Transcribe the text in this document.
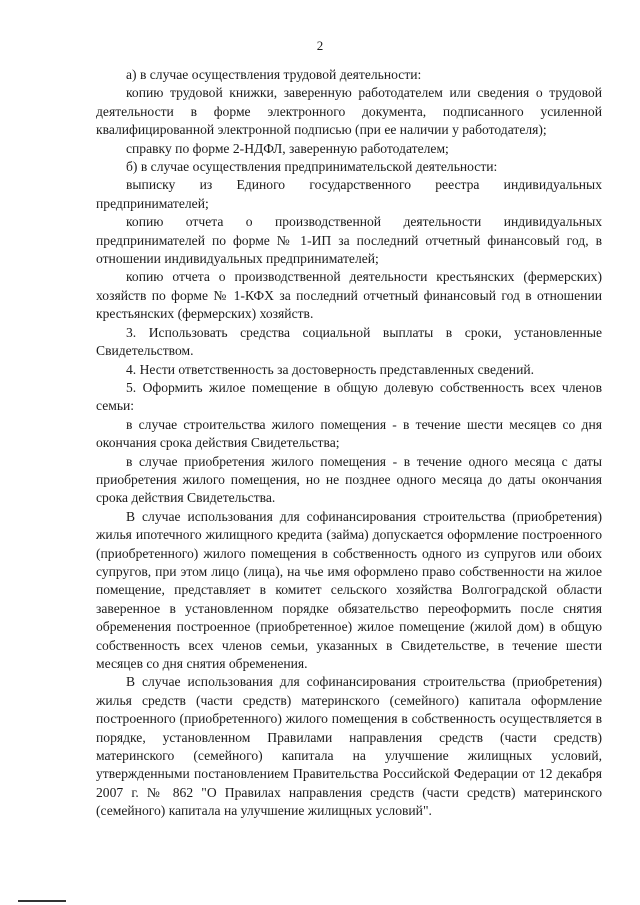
2

а) в случае осуществления трудовой деятельности:

копию трудовой книжки, заверенную работодателем или сведения о трудовой деятельности в форме электронного документа, подписанного усиленной квалифицированной электронной подписью (при ее наличии у работодателя);

справку по форме 2-НДФЛ, заверенную работодателем;

б) в случае осуществления предпринимательской деятельности:

выписку из Единого государственного реестра индивидуальных предпринимателей;

копию отчета о производственной деятельности индивидуальных предпринимателей по форме № 1-ИП за последний отчетный финансовый год, в отношении индивидуальных предпринимателей;

копию отчета о производственной деятельности крестьянских (фермерских) хозяйств по форме № 1-КФХ за последний отчетный финансовый год в отношении крестьянских (фермерских) хозяйств.

3. Использовать средства социальной выплаты в сроки, установленные Свидетельством.

4. Нести ответственность за достоверность представленных сведений.

5. Оформить жилое помещение в общую долевую собственность всех членов семьи:

в случае строительства жилого помещения - в течение шести месяцев со дня окончания срока действия Свидетельства;

в случае приобретения жилого помещения - в течение одного месяца с даты приобретения жилого помещения, но не позднее одного месяца до даты окончания срока действия Свидетельства.

В случае использования для софинансирования строительства (приобретения) жилья ипотечного жилищного кредита (займа) допускается оформление построенного (приобретенного) жилого помещения в собственность одного из супругов или обоих супругов, при этом лицо (лица), на чье имя оформлено право собственности на жилое помещение, представляет в комитет сельского хозяйства Волгоградской области заверенное в установленном порядке обязательство переоформить после снятия обременения построенное (приобретенное) жилое помещение (жилой дом) в общую собственность всех членов семьи, указанных в Свидетельстве, в течение шести месяцев со дня снятия обременения.

В случае использования для софинансирования строительства (приобретения) жилья средств (части средств) материнского (семейного) капитала оформление построенного (приобретенного) жилого помещения в собственность осуществляется в порядке, установленном Правилами направления средств (части средств) материнского (семейного) капитала на улучшение жилищных условий, утвержденными постановлением Правительства Российской Федерации от 12 декабря 2007 г. № 862 "О Правилах направления средств (части средств) материнского (семейного) капитала на улучшение жилищных условий".
